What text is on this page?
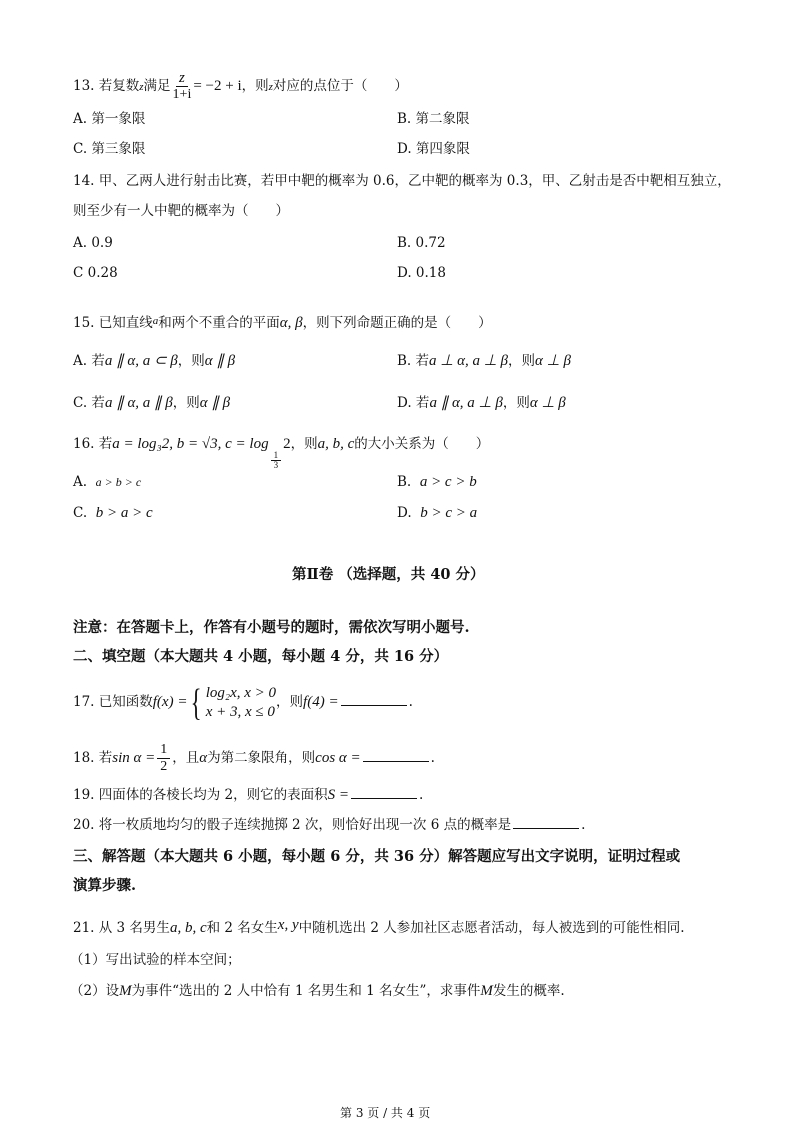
13. 若复数z满足 $\frac{z}{1+i} = -2 + i$，则z对应的点位于（　　）
A. 第一象限	B. 第二象限
C. 第三象限	D. 第四象限
14. 甲、乙两人进行射击比赛，若甲中靶的概率为 0.6，乙中靶的概率为 0.3，甲、乙射击是否中靶相互独立，
则至少有一人中靶的概率为（　　）
A. 0.9	B. 0.72
C 0.28	D. 0.18
15. 已知直线$^a$和两个不重合的平面α, β，则下列命题正确的是（　　）
A. 若a ∥ α, a ⊂ β，则α ∥ β	B. 若a ⊥ α, a ⊥ β，则α ⊥ β
C. 若a ∥ α, a ∥ β，则α ∥ β	D. 若a ∥ α, a ⊥ β，则α ⊥ β
16. 若a = log₃2, b = √3, c = log
$\frac{1}{3}$
2，则a, b, c的大小关系为（　　）
A. a > b > c	B. a > c > b
C. b > a > c	D. b > c > a
第Ⅱ卷 （选择题，共 40 分）
注意：在答题卡上，作答有小题号的题时，需依次写明小题号.
二、填空题（本大题共 4 小题，每小题 4 分，共 16 分）
17. 已知函数f(x) = { log₂x, x > 0
x + 3, x ≤ 0
，则f(4) =	.
18. 若$\sin \alpha = \frac{1}{2}$ ，且α为第二象限角，则cos α =	.
19. 四面体的各棱长均为 2，则它的表面积S =	.
20. 将一枚质地均匀的骰子连续抛掷 2 次，则恰好出现一次 6 点的概率是	.
三、解答题（本大题共 6 小题，每小题 6 分，共 36 分）解答题应写出文字说明，证明过程或
演算步骤.
21. 从 3 名男生a, b, c和 2 名女生x, y中随机选出 2 人参加社区志愿者活动，每人被选到的可能性相同.
（1）写出试验的样本空间；
（2）设M为事件“选出的 2 人中恰有 1 名男生和 1 名女生”，求事件M发生的概率.
第 3 页 / 共 4 页
